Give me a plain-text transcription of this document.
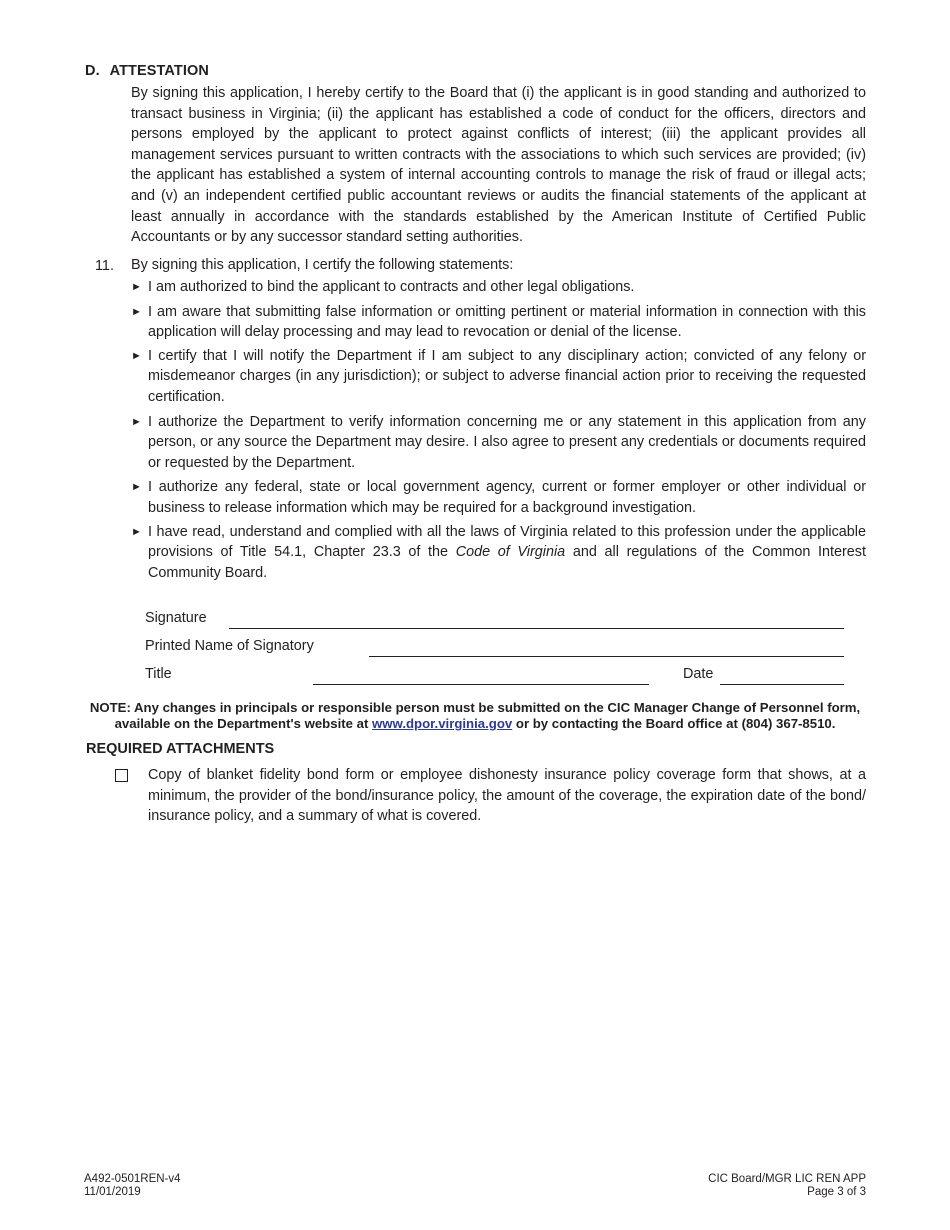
D. ATTESTATION
By signing this application, I hereby certify to the Board that (i) the applicant is in good standing and authorized to transact business in Virginia; (ii) the applicant has established a code of conduct for the officers, directors and persons employed by the applicant to protect against conflicts of interest; (iii) the applicant provides all management services pursuant to written contracts with the associations to which such services are provided; (iv) the applicant has established a system of internal accounting controls to manage the risk of fraud or illegal acts; and (v) an independent certified public accountant reviews or audits the financial statements of the applicant at least annually in accordance with the standards established by the American Institute of Certified Public Accountants or by any successor standard setting authorities.
11. By signing this application, I certify the following statements:
► I am authorized to bind the applicant to contracts and other legal obligations.
► I am aware that submitting false information or omitting pertinent or material information in connection with this application will delay processing and may lead to revocation or denial of the license.
► I certify that I will notify the Department if I am subject to any disciplinary action; convicted of any felony or misdemeanor charges (in any jurisdiction); or subject to adverse financial action prior to receiving the requested certification.
► I authorize the Department to verify information concerning me or any statement in this application from any person, or any source the Department may desire. I also agree to present any credentials or documents required or requested by the Department.
► I authorize any federal, state or local government agency, current or former employer or other individual or business to release information which may be required for a background investigation.
► I have read, understand and complied with all the laws of Virginia related to this profession under the applicable provisions of Title 54.1, Chapter 23.3 of the Code of Virginia and all regulations of the Common Interest Community Board.
Signature
Printed Name of Signatory
Title	Date
NOTE: Any changes in principals or responsible person must be submitted on the CIC Manager Change of Personnel form, available on the Department's website at www.dpor.virginia.gov or by contacting the Board office at (804) 367-8510.
REQUIRED ATTACHMENTS
Copy of blanket fidelity bond form or employee dishonesty insurance policy coverage form that shows, at a minimum, the provider of the bond/insurance policy, the amount of the coverage, the expiration date of the bond/ insurance policy, and a summary of what is covered.
A492-0501REN-v4
11/01/2019
CIC Board/MGR LIC REN APP
Page 3 of 3
